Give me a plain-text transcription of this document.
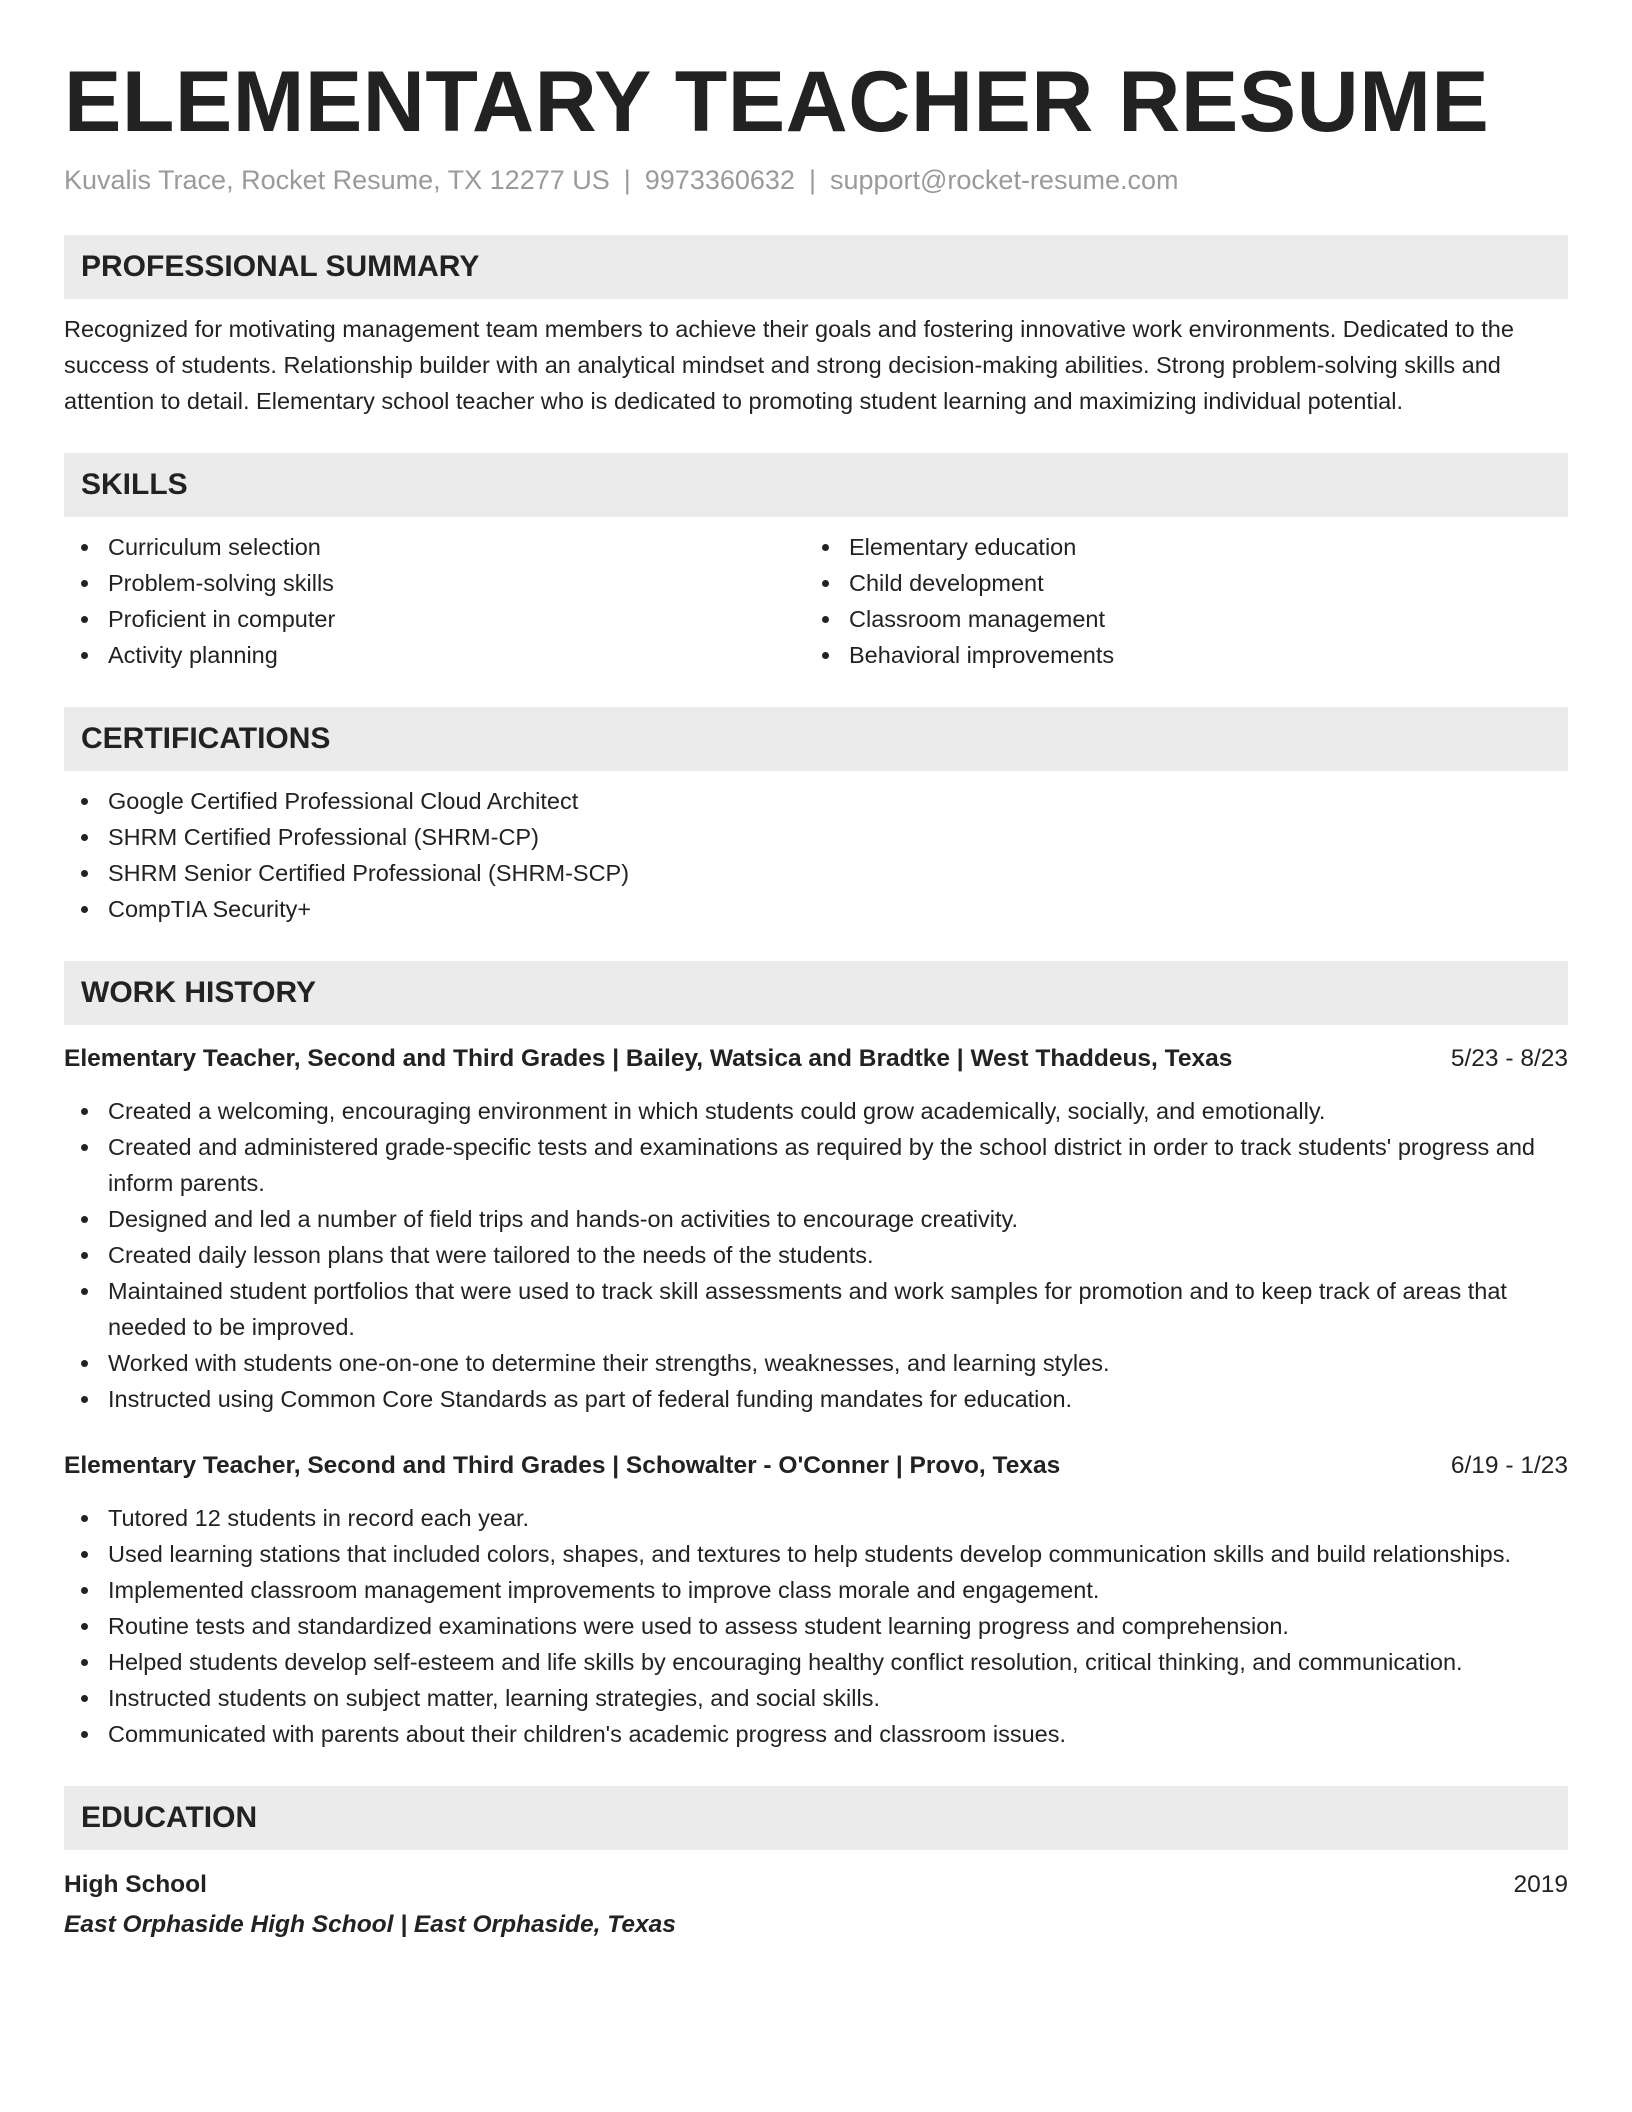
ELEMENTARY TEACHER RESUME
Kuvalis Trace, Rocket Resume, TX 12277 US | 9973360632 | support@rocket-resume.com
PROFESSIONAL SUMMARY
Recognized for motivating management team members to achieve their goals and fostering innovative work environments. Dedicated to the success of students. Relationship builder with an analytical mindset and strong decision-making abilities. Strong problem-solving skills and attention to detail. Elementary school teacher who is dedicated to promoting student learning and maximizing individual potential.
SKILLS
Curriculum selection
Problem-solving skills
Proficient in computer
Activity planning
Elementary education
Child development
Classroom management
Behavioral improvements
CERTIFICATIONS
Google Certified Professional Cloud Architect
SHRM Certified Professional (SHRM-CP)
SHRM Senior Certified Professional (SHRM-SCP)
CompTIA Security+
WORK HISTORY
Elementary Teacher, Second and Third Grades | Bailey, Watsica and Bradtke | West Thaddeus, Texas	5/23 - 8/23
Created a welcoming, encouraging environment in which students could grow academically, socially, and emotionally.
Created and administered grade-specific tests and examinations as required by the school district in order to track students' progress and inform parents.
Designed and led a number of field trips and hands-on activities to encourage creativity.
Created daily lesson plans that were tailored to the needs of the students.
Maintained student portfolios that were used to track skill assessments and work samples for promotion and to keep track of areas that needed to be improved.
Worked with students one-on-one to determine their strengths, weaknesses, and learning styles.
Instructed using Common Core Standards as part of federal funding mandates for education.
Elementary Teacher, Second and Third Grades | Schowalter - O'Conner | Provo, Texas	6/19 - 1/23
Tutored 12 students in record each year.
Used learning stations that included colors, shapes, and textures to help students develop communication skills and build relationships.
Implemented classroom management improvements to improve class morale and engagement.
Routine tests and standardized examinations were used to assess student learning progress and comprehension.
Helped students develop self-esteem and life skills by encouraging healthy conflict resolution, critical thinking, and communication.
Instructed students on subject matter, learning strategies, and social skills.
Communicated with parents about their children's academic progress and classroom issues.
EDUCATION
High School	2019
East Orphaside High School | East Orphaside, Texas
